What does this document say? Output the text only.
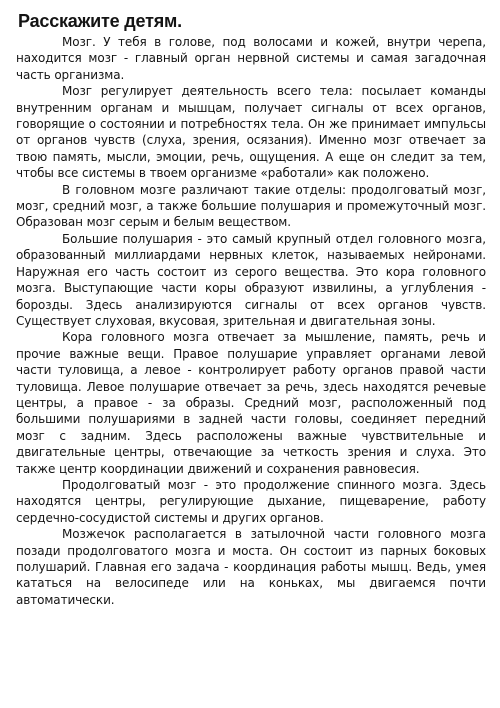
Расскажите детям.

Мозг. У тебя в голове, под волосами и кожей, внутри черепа, находится мозг - главный орган нервной системы и самая загадочная часть организма.

Мозг регулирует деятельность всего тела: посылает команды внутренним органам и мышцам, получает сигналы от всех органов, говорящие о состоянии и потребностях тела. Он же принимает импульсы от органов чувств (слуха, зрения, осязания). Именно мозг отвечает за твою память, мысли, эмоции, речь, ощущения. А еще он следит за тем, чтобы все системы в твоем организме «работали» как положено.

В головном мозге различают такие отделы: продолговатый мозг, мозг, средний мозг, а также большие полушария и промежуточный мозг. Образован мозг серым и белым веществом.

Большие полушария - это самый крупный отдел головного мозга, образованный миллиардами нервных клеток, называемых нейронами. Наружная его часть состоит из серого вещества. Это кора головного мозга. Выступающие части коры образуют извилины, а углубления - борозды. Здесь анализируются сигналы от всех органов чувств. Существует слуховая, вкусовая, зрительная и двигательная зоны.

Кора головного мозга отвечает за мышление, память, речь и прочие важные вещи. Правое полушарие управляет органами левой части туловища, а левое - контролирует работу органов правой части туловища. Левое полушарие отвечает за речь, здесь находятся речевые центры, а правое - за образы. Средний мозг, расположенный под большими полушариями в задней части головы, соединяет передний мозг с задним. Здесь расположены важные чувствительные и двигательные центры, отвечающие за четкость зрения и слуха. Это также центр координации движений и сохранения равновесия.

Продолговатый мозг - это продолжение спинного мозга. Здесь находятся центры, регулирующие дыхание, пищеварение, работу сердечно-сосудистой системы и других органов.

Мозжечок располагается в затылочной части головного мозга позади продолговатого мозга и моста. Он состоит из парных боковых полушарий. Главная его задача - координация работы мышц. Ведь, умея кататься на велосипеде или на коньках, мы двигаемся почти автоматически.
